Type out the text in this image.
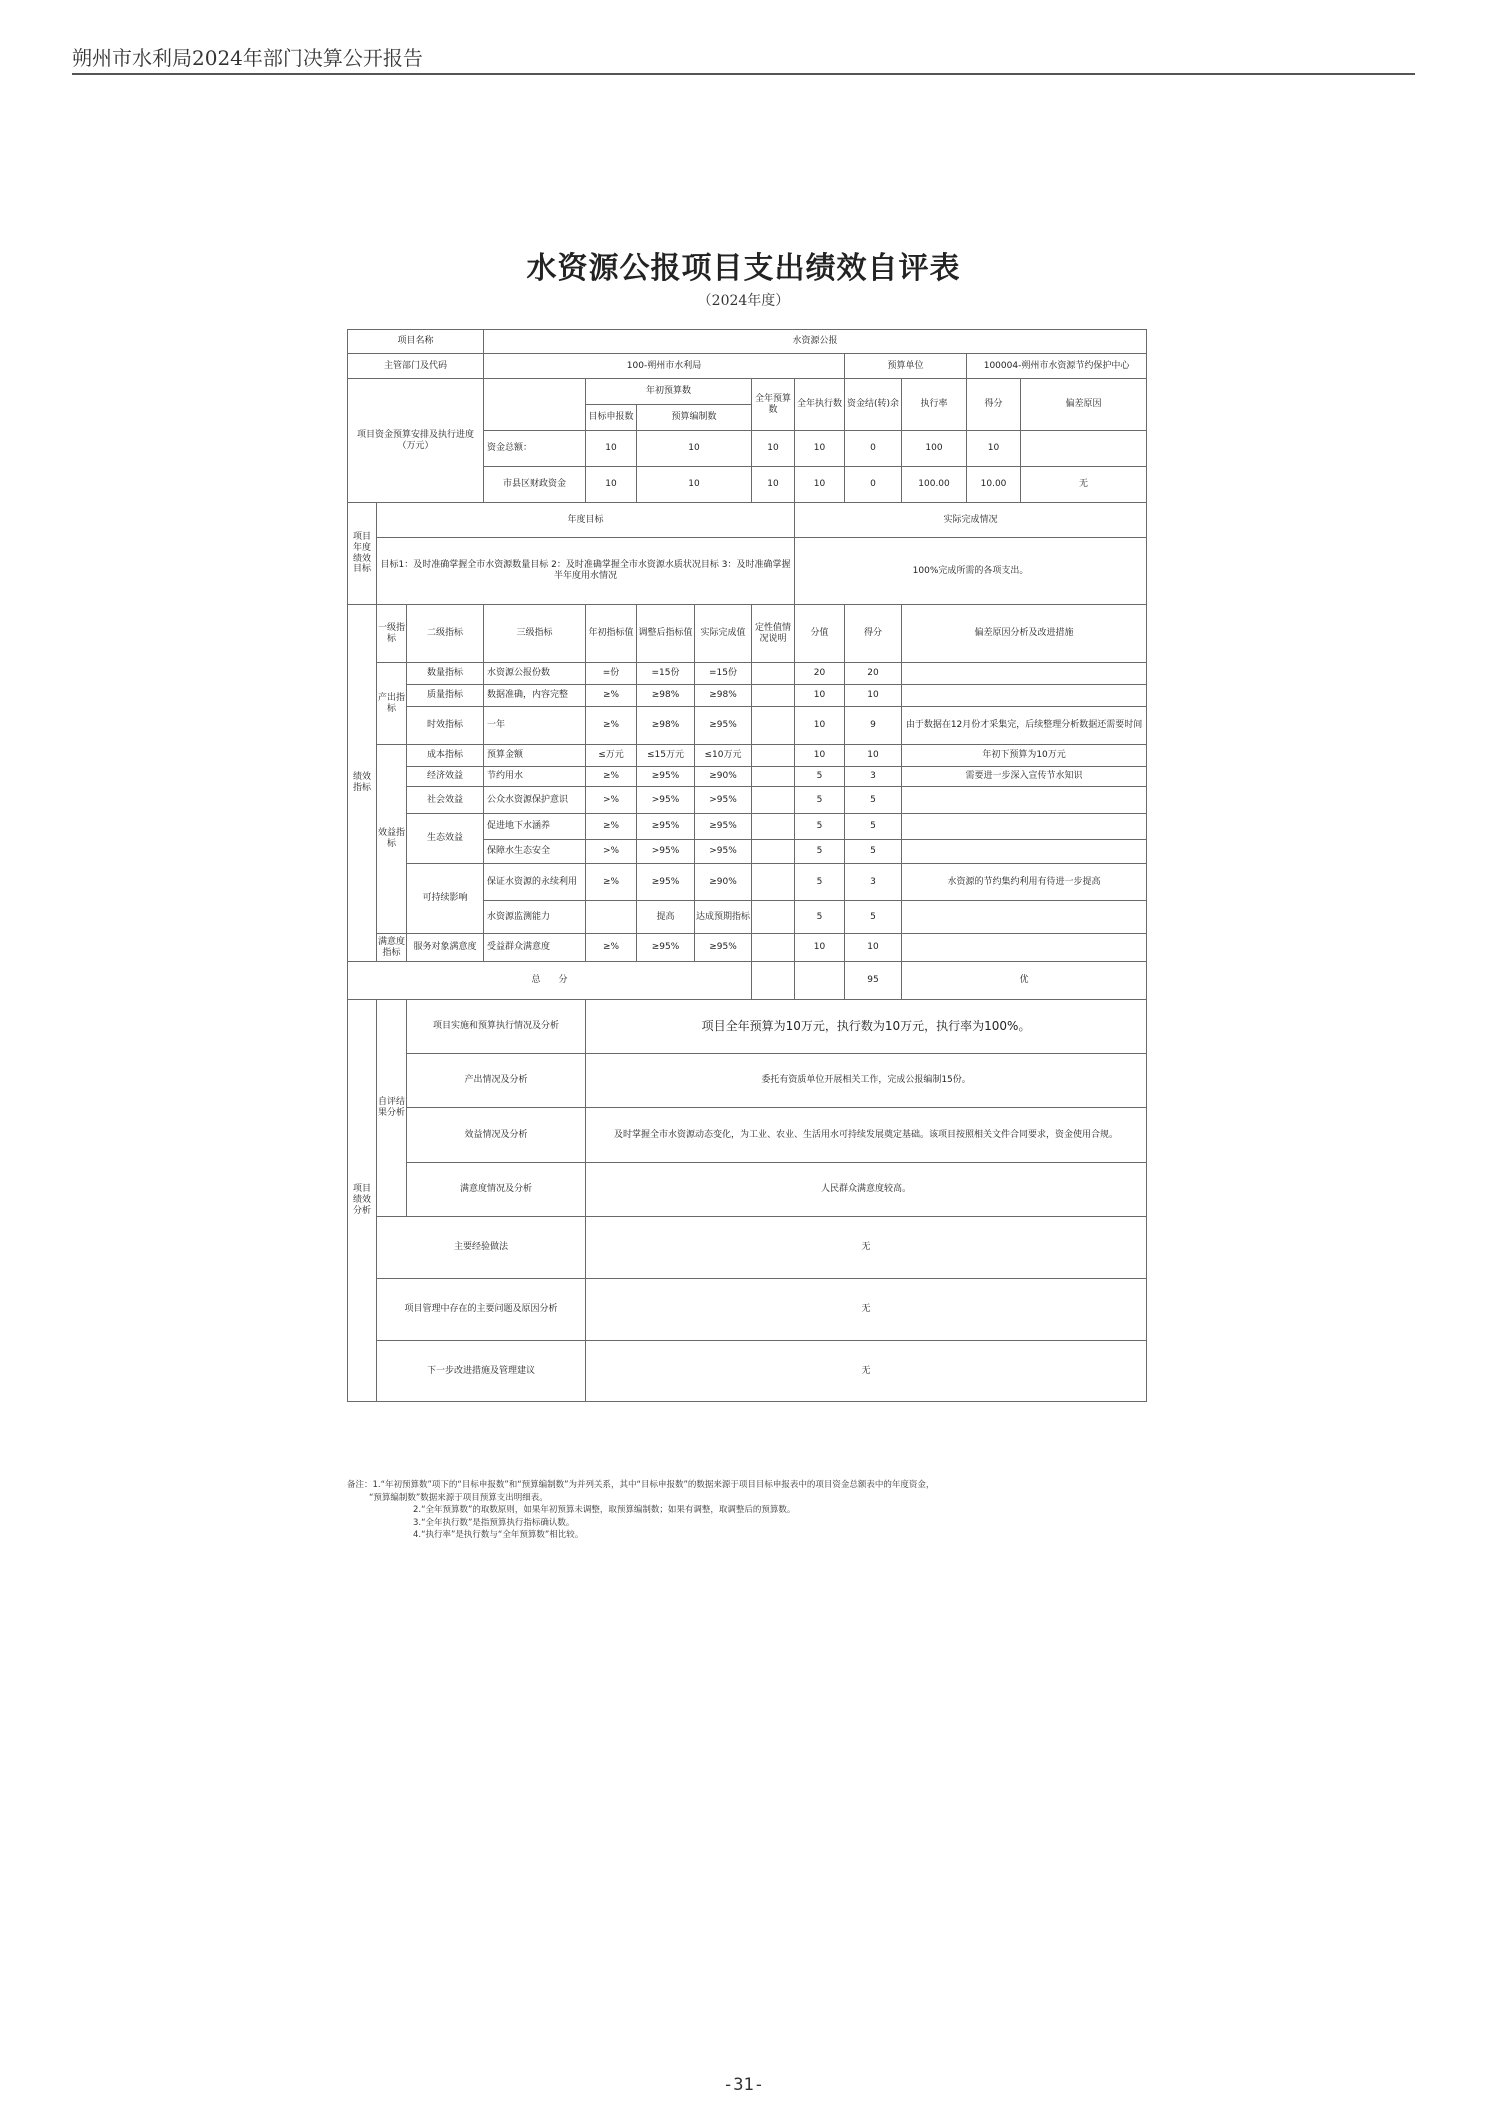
朔州市水利局2024年部门决算公开报告
水资源公报项目支出绩效自评表
（2024年度）
项目名称			水资源公报									
主管部门及代码			100-朔州市水利局						预算单位		100004-朔州市水资源节约保护中心	
项目资金预算安排及执行进度（万元）				年初预算数			全年预算数	全年执行数	资金结(转)余	执行率	得分	偏差原因
				目标申报数	预算编制数							
			资金总额：	10	10		10	10	0	100	10	
			市县区财政资金	10	10		10	10	0	100.00	10.00	无
项目年度绩效目标	年度目标							实际完成情况				
	目标1：及时准确掌握全市水资源数量目标 2：及时准确掌握全市水资源水质状况目标 3：及时准确掌握半年度用水情况							100%完成所需的各项支出。				
绩效指标	一级指标	二级指标	三级指标	年初指标值	调整后指标值	实际完成值	定性值情况说明	分值	得分	偏差原因分析及改进措施		
	产出指标	数量指标	水资源公报份数	=份	=15份	=15份		20	20			
		质量指标	数据准确，内容完整	≥%	≥98%	≥98%		10	10			
		时效指标	一年	≥%	≥98%	≥95%		10	9	由于数据在12月份才采集完，后续整理分析数据还需要时间		
	效益指标	成本指标	预算金额	≤万元	≤15万元	≤10万元		10	10	年初下预算为10万元		
		经济效益	节约用水	≥%	≥95%	≥90%		5	3	需要进一步深入宣传节水知识		
		社会效益	公众水资源保护意识	>%	>95%	>95%		5	5			
		生态效益	促进地下水涵养	≥%	≥95%	≥95%		5	5			
			保障水生态安全	>%	>95%	>95%		5	5			
		可持续影响	保证水资源的永续利用	≥%	≥95%	≥90%		5	3	水资源的节约集约利用有待进一步提高		
			水资源监测能力		提高	达成预期指标		5	5			
	满意度指标	服务对象满意度	受益群众满意度	≥%	≥95%	≥95%		10	10			
总　　分									95	优		
项目绩效分析	自评结果分析	项目实施和预算执行情况及分析		项目全年预算为10万元，执行数为10万元，执行率为100%。								
		产出情况及分析		委托有资质单位开展相关工作，完成公报编制15份。								
		效益情况及分析		及时掌握全市水资源动态变化，为工业、农业、生活用水可持续发展奠定基础。该项目按照相关文件合同要求，资金使用合规。								
		满意度情况及分析		人民群众满意度较高。								
	主要经验做法			无								
	项目管理中存在的主要问题及原因分析			无								
	下一步改进措施及管理建议			无								
备注：1.“年初预算数”项下的“目标申报数”和“预算编制数”为并列关系，其中“目标申报数”的数据来源于项目目标申报表中的项目资金总额表中的年度资金，
“预算编制数”数据来源于项目预算支出明细表。
2.“全年预算数”的取数原则，如果年初预算未调整，取预算编制数；如果有调整，取调整后的预算数。
3.“全年执行数”是指预算执行指标确认数。
4.“执行率”是执行数与“全年预算数”相比较。
-31-
